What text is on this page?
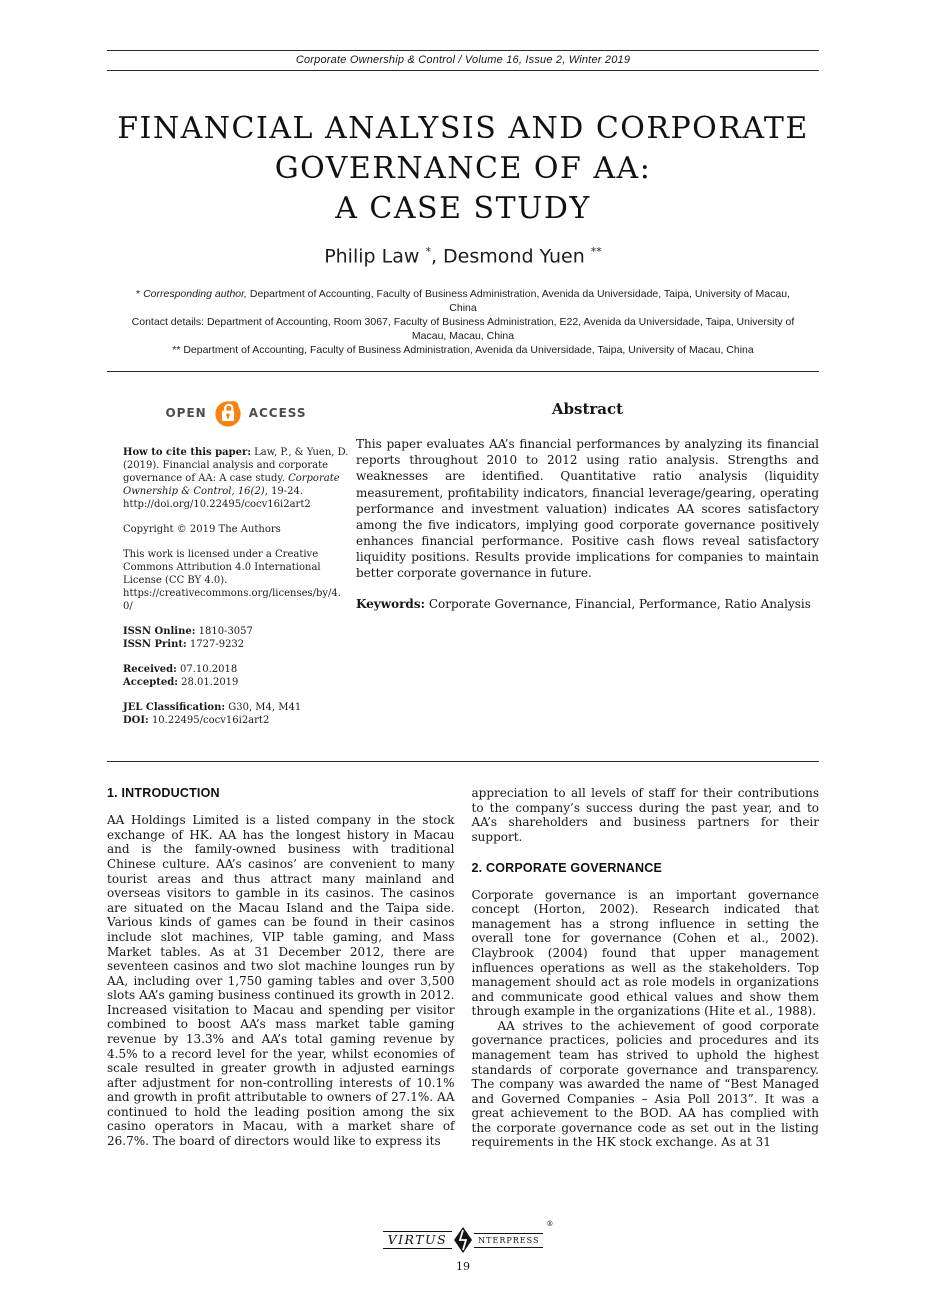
Corporate Ownership & Control / Volume 16, Issue 2, Winter 2019
FINANCIAL ANALYSIS AND CORPORATE
GOVERNANCE OF AA:
A CASE STUDY
Philip Law *, Desmond Yuen **

* Corresponding author, Department of Accounting, Faculty of Business Administration, Avenida da Universidade, Taipa, University of Macau, China

Contact details: Department of Accounting, Room 3067, Faculty of Business Administration, E22, Avenida da Universidade, Taipa, University of Macau, Macau, China

** Department of Accounting, Faculty of Business Administration, Avenida da Universidade, Taipa, University of Macau, China

OPEN	ACCESS

How to cite this paper: Law, P., & Yuen, D. (2019). Financial analysis and corporate governance of AA: A case study. Corporate Ownership & Control, 16(2), 19-24.
http://doi.org/10.22495/cocv16i2art2

Copyright © 2019 The Authors

This work is licensed under a Creative Commons Attribution 4.0 International License (CC BY 4.0).
https://creativecommons.org/licenses/by/4.0/

ISSN Online: 1810-3057
ISSN Print: 1727-9232

Received: 07.10.2018
Accepted: 28.01.2019

JEL Classification: G30, M4, M41
DOI: 10.22495/cocv16i2art2

Abstract

This paper evaluates AA’s financial performances by analyzing its financial reports throughout 2010 to 2012 using ratio analysis. Strengths and weaknesses are identified. Quantitative ratio analysis (liquidity measurement, profitability indicators, financial leverage/gearing, operating performance and investment valuation) indicates AA scores satisfactory among the five indicators, implying good corporate governance positively enhances financial performance. Positive cash flows reveal satisfactory liquidity positions. Results provide implications for companies to maintain better corporate governance in future.

Keywords: Corporate Governance, Financial, Performance, Ratio Analysis

1. INTRODUCTION

AA Holdings Limited is a listed company in the stock exchange of HK. AA has the longest history in Macau and is the family-owned business with traditional Chinese culture. AA’s casinos’ are convenient to many tourist areas and thus attract many mainland and overseas visitors to gamble in its casinos. The casinos are situated on the Macau Island and the Taipa side. Various kinds of games can be found in their casinos include slot machines, VIP table gaming, and Mass Market tables. As at 31 December 2012, there are seventeen casinos and two slot machine lounges run by AA, including over 1,750 gaming tables and over 3,500 slots AA’s gaming business continued its growth in 2012. Increased visitation to Macau and spending per visitor combined to boost AA’s mass market table gaming revenue by 13.3% and AA’s total gaming revenue by 4.5% to a record level for the year, whilst economies of scale resulted in greater growth in adjusted earnings after adjustment for non-controlling interests of 10.1% and growth in profit attributable to owners of 27.1%. AA continued to hold the leading position among the six casino operators in Macau, with a market share of 26.7%. The board of directors would like to express its

appreciation to all levels of staff for their contributions to the company’s success during the past year, and to AA’s shareholders and business partners for their support.

2. CORPORATE GOVERNANCE

Corporate governance is an important governance concept (Horton, 2002). Research indicated that management has a strong influence in setting the overall tone for governance (Cohen et al., 2002). Claybrook (2004) found that upper management influences operations as well as the stakeholders. Top management should act as role models in organizations and communicate good ethical values and show them through example in the organizations (Hite et al., 1988).

AA strives to the achievement of good corporate governance practices, policies and procedures and its management team has strived to uphold the highest standards of corporate governance and transparency. The company was awarded the name of “Best Managed and Governed Companies – Asia Poll 2013”. It was a great achievement to the BOD. AA has complied with the corporate governance code as set out in the listing requirements in the HK stock exchange. As at 31

VIRTUS	NTERPRESS
®
19
